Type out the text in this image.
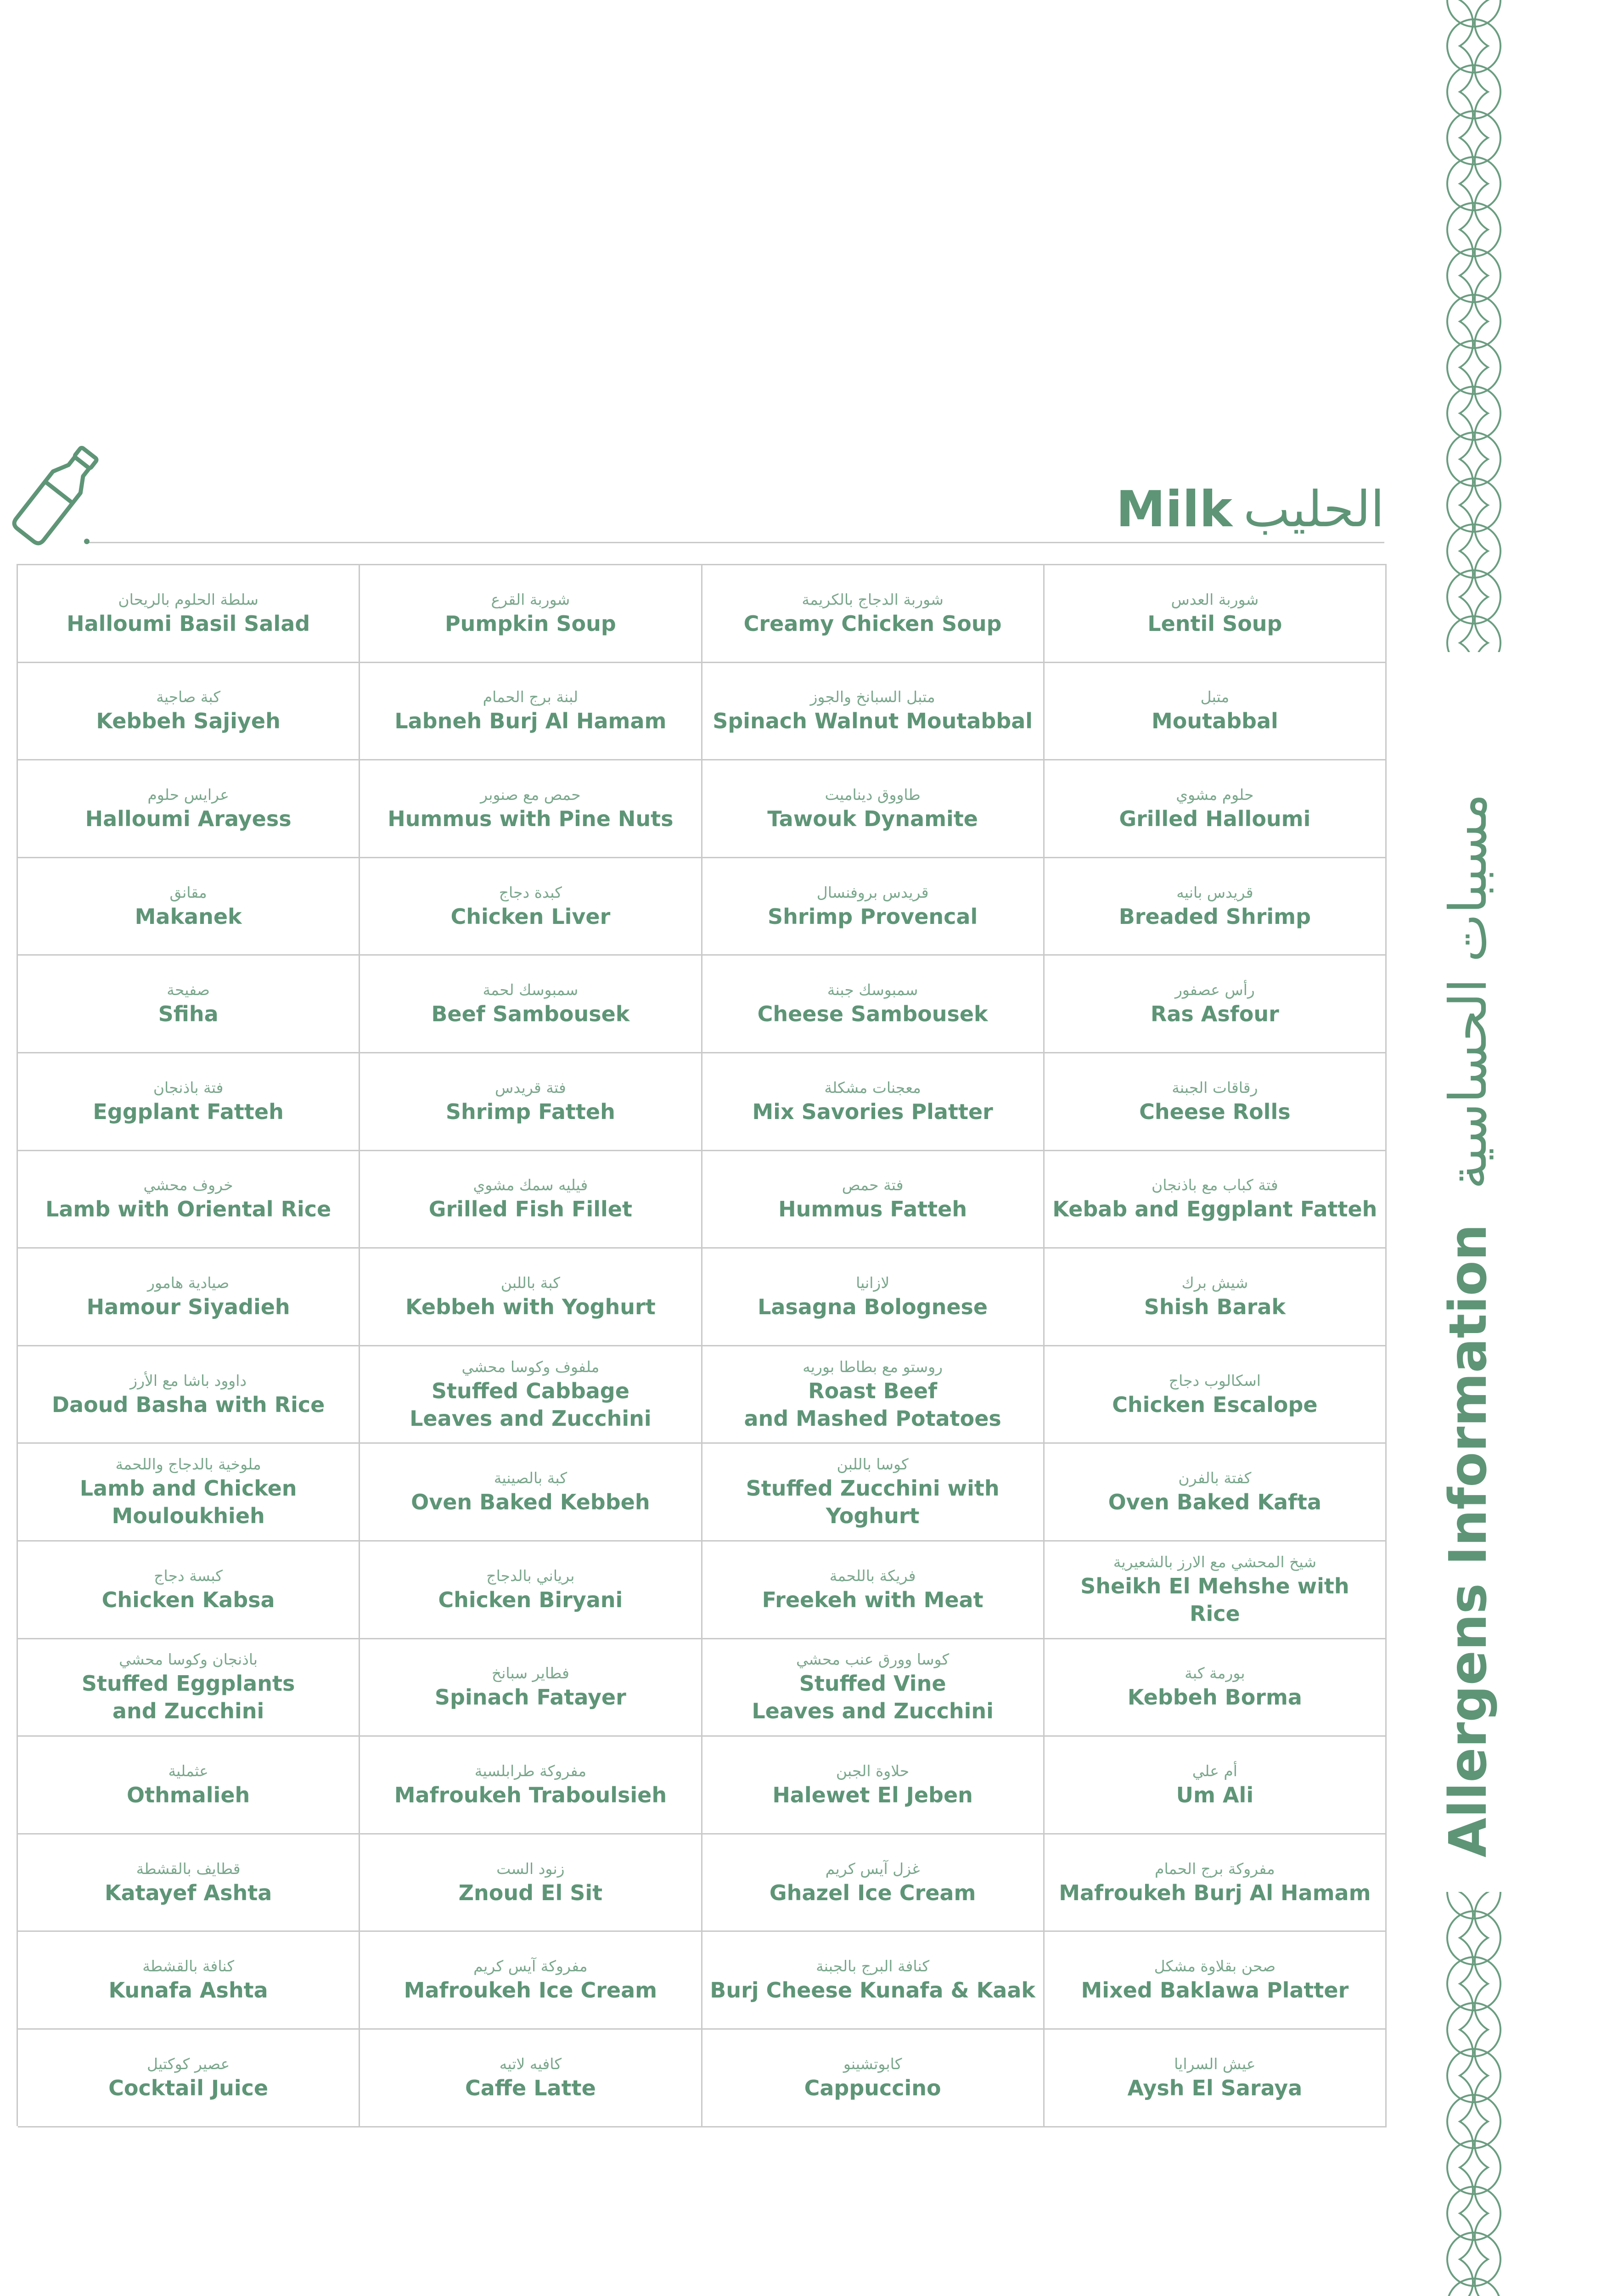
Allergens Information مسببات الحساسية
Milk الحليب
سلطة الحلوم بالريحان
Halloumi Basil Salad
شوربة القرع
Pumpkin Soup
شوربة الدجاج بالكريمة
Creamy Chicken Soup
شوربة العدس
Lentil Soup
كبة صاجية
Kebbeh Sajiyeh
لبنة برج الحمام
Labneh Burj Al Hamam
متبل السبانخ والجوز
Spinach Walnut Moutabbal
متبل
Moutabbal
عرايس حلوم
Halloumi Arayess
حمص مع صنوبر
Hummus with Pine Nuts
طاووق ديناميت
Tawouk Dynamite
حلوم مشوي
Grilled Halloumi
مقانق
Makanek
كبدة دجاج
Chicken Liver
قريدس بروفنسال
Shrimp Provencal
قريدس بانيه
Breaded Shrimp
صفيحة
Sfiha
سمبوسك لحمة
Beef Sambousek
سمبوسك جبنة
Cheese Sambousek
رأس عصفور
Ras Asfour
فتة باذنجان
Eggplant Fatteh
فتة قريدس
Shrimp Fatteh
معجنات مشكلة
Mix Savories Platter
رقاقات الجبنة
Cheese Rolls
خروف محشي
Lamb with Oriental Rice
فيليه سمك مشوي
Grilled Fish Fillet
فتة حمص
Hummus Fatteh
فتة كباب مع باذنجان
Kebab and Eggplant Fatteh
صيادية هامور
Hamour Siyadieh
كبة باللبن
Kebbeh with Yoghurt
لازانيا
Lasagna Bolognese
شيش برك
Shish Barak
داوود باشا مع الأرز
Daoud Basha with Rice
ملفوف وكوسا محشي
Stuffed Cabbage
Leaves and Zucchini
روستو مع بطاطا بوريه
Roast Beef
and Mashed Potatoes
اسكالوب دجاج
Chicken Escalope
ملوخية بالدجاج واللحمة
Lamb and Chicken
Mouloukhieh
كبة بالصينية
Oven Baked Kebbeh
كوسا باللبن
Stuffed Zucchini with Yoghurt
كفتة بالفرن
Oven Baked Kafta
كبسة دجاج
Chicken Kabsa
برياني بالدجاج
Chicken Biryani
فريكة باللحمة
Freekeh with Meat
شيخ المحشي مع الارز بالشعيرية
Sheikh El Mehshe with Rice
باذنجان وكوسا محشي
Stuffed Eggplants
and Zucchini
فطاير سبانخ
Spinach Fatayer
كوسا وورق عنب محشي
Stuffed Vine
Leaves and Zucchini
بورمة كبة
Kebbeh Borma
عثملية
Othmalieh
مفروكة طرابلسية
Mafroukeh Traboulsieh
حلاوة الجبن
Halewet El Jeben
أم علي
Um Ali
قطايف بالقشطة
Katayef Ashta
زنود الست
Znoud El Sit
غزل آيس كريم
Ghazel Ice Cream
مفروكة برج الحمام
Mafroukeh Burj Al Hamam
كنافة بالقشطة
Kunafa Ashta
مفروكة آيس كريم
Mafroukeh Ice Cream
كنافة البرج بالجبنة
Burj Cheese Kunafa & Kaak
صحن بقلاوة مشكل
Mixed Baklawa Platter
عصير كوكتيل
Cocktail Juice
كافيه لاتيه
Caffe Latte
كابوتشينو
Cappuccino
عيش السرايا
Aysh El Saraya
